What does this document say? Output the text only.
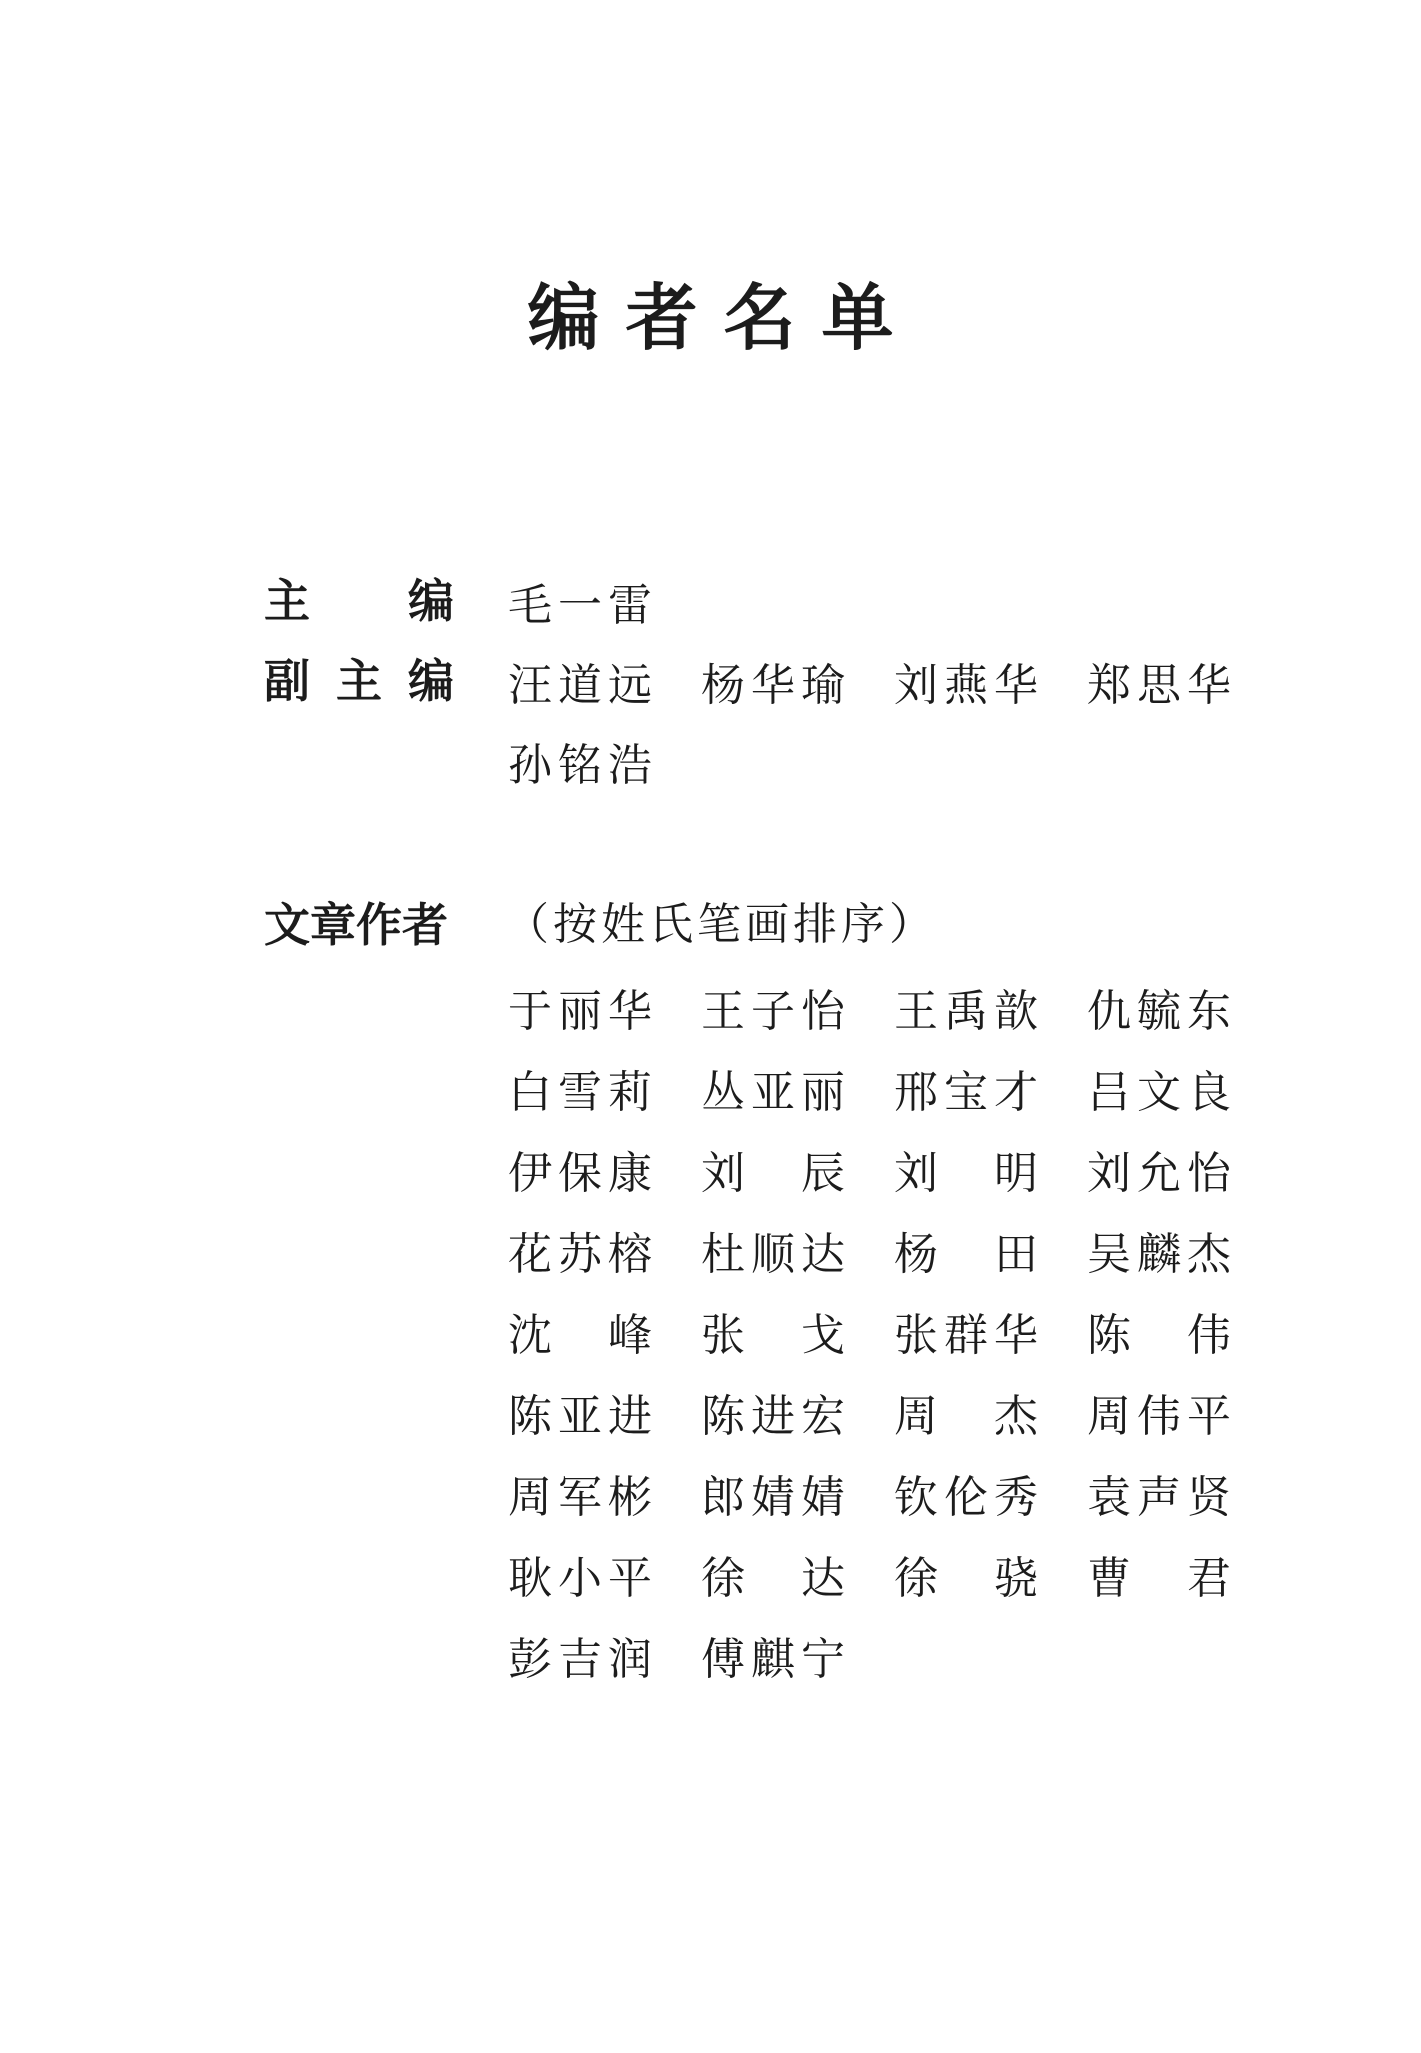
编者名单
主 编 毛 一 雷
副 主 编 汪 道 远 杨 华 瑜 刘 燕 华 郑 思 华
孙 铭 浩
文章作者 （按姓氏笔画排序）
于 丽 华 王 子 怡 王 禹 歆 仇 毓 东
白 雪 莉 丛 亚 丽 邢 宝 才 吕 文 良
伊 保 康 刘 辰 刘 明 刘 允 怡
花 苏 榕 杜 顺 达 杨 田 吴 麟 杰
沈 峰 张 戈 张 群 华 陈 伟
陈 亚 进 陈 进 宏 周 杰 周 伟 平
周 军 彬 郎 婧 婧 钦 伦 秀 袁 声 贤
耿 小 平 徐 达 徐 骁 曹 君
彭 吉 润 傅 麒 宁
